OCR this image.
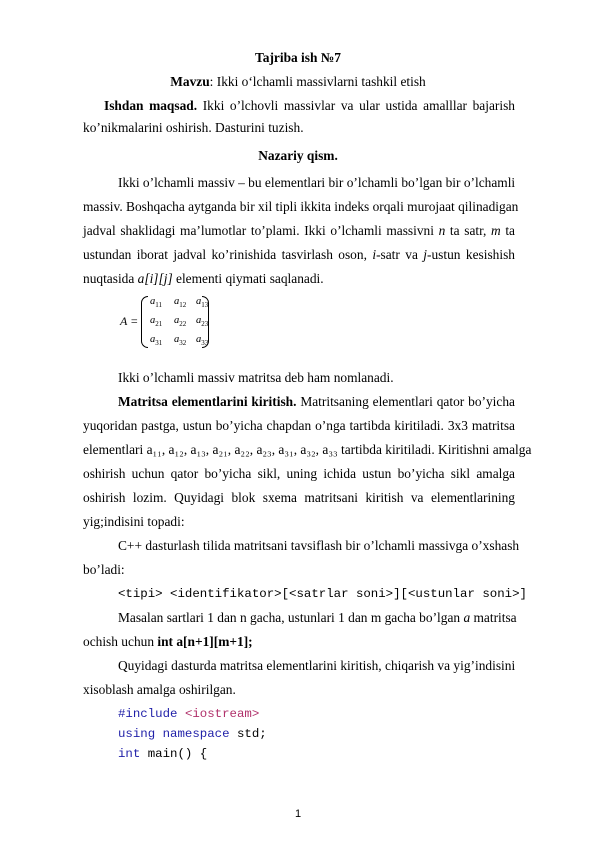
Tajriba ish №7
Mavzu: Ikki o‘lchamli massivlarni tashkil etish
Ishdan maqsad. Ikki o’lchovli massivlar va ular ustida amalllar bajarish
ko’nikmalarini oshirish. Dasturini tuzish.
Nazariy qism.
Ikki o’lchamli massiv – bu elementlari bir o’lchamli bo’lgan bir o’lchamli
massiv. Boshqacha aytganda bir xil tipli ikkita indeks orqali murojaat qilinadigan
jadval shaklidagi ma’lumotlar to’plami. Ikki o’lchamli massivni n ta satr, m ta
ustundan iborat jadval ko’rinishida tasvirlash oson, i-satr va j-ustun kesishish
nuqtasida a[i][j] elementi qiymati saqlanadi.
A =
$a_{11}$ $a_{12}$ $a_{13}$
$a_{21}$ $a_{22}$ $a_{23}$
$a_{31}$ $a_{32}$ $a_{33}$
Ikki o’lchamli massiv matritsa deb ham nomlanadi.
Matritsa elementlarini kiritish. Matritsaning elementlari qator bo’yicha
yuqoridan pastga, ustun bo’yicha chapdan o’nga tartibda kiritiladi. 3x3 matritsa
elementlari a₁₁, a₁₂, a₁₃, a₂₁, a₂₂, a₂₃, a₃₁, a₃₂, a₃₃ tartibda kiritiladi. Kiritishni amalga
oshirish uchun qator bo’yicha sikl, uning ichida ustun bo’yicha sikl amalga
oshirish lozim. Quyidagi blok sxema matritsani kiritish va elementlarining
yig;indisini topadi:
C++ dasturlash tilida matritsani tavsiflash bir o’lchamli massivga o’xshash
bo’ladi:
<tipi> <identifikator>[<satrlar soni>][<ustunlar soni>]
Masalan sartlari 1 dan n gacha, ustunlari 1 dan m gacha bo’lgan a matritsa
ochish uchun int a[n+1][m+1];
Quyidagi dasturda matritsa elementlarini kiritish, chiqarish va yig’indisini
xisoblash amalga oshirilgan.
#include <iostream>
using namespace std;
int main() {
1
